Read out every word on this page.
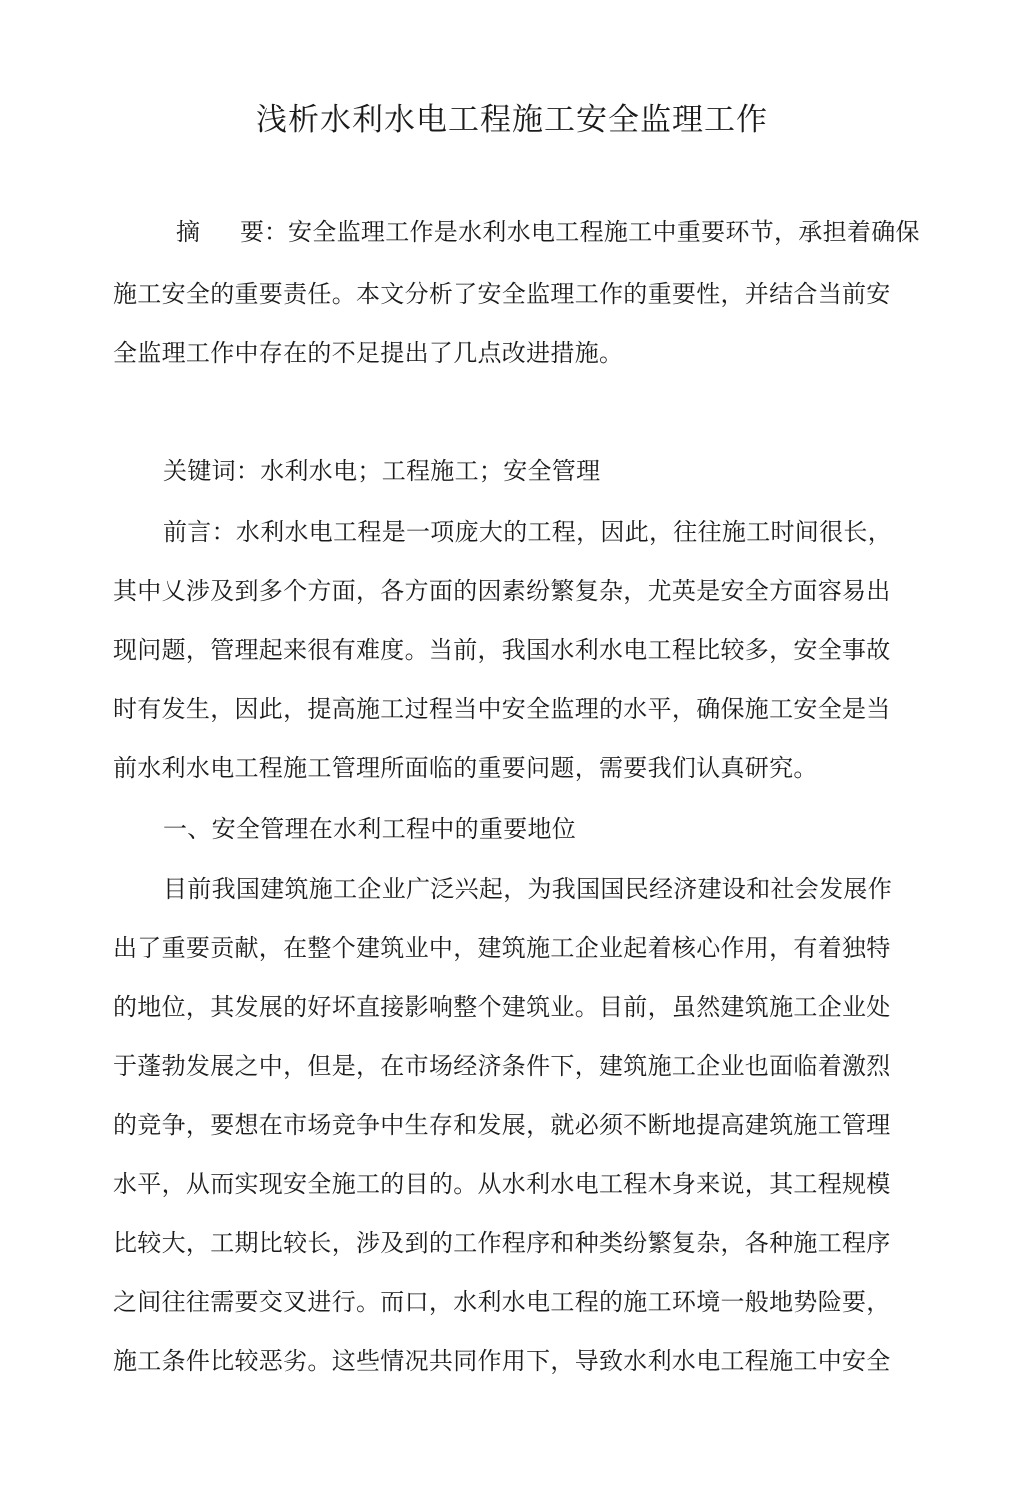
浅析水利水电工程施工安全监理工作
摘 要： 安全监理工作是水利水电工程施工中重要环节，承担着确保
施工安全的重要责任。本文分析了安全监理工作的重要性，并结合当前安
全监理工作中存在的不足提出了几点改进措施。
关键词：水利水电；工程施工；安全管理
前言：水利水电工程是一项庞大的工程，因此，往往施工时间很长，
其中乂涉及到多个方面，各方面的因素纷繁复杂，尤英是安全方面容易出
现问题，管理起来很有难度。当前，我国水利水电工程比较多，安全事故
时有发生，因此，提高施工过程当中安全监理的水平，确保施工安全是当
前水利水电工程施工管理所面临的重要问题，需要我们认真研究。
一、安全管理在水利工程中的重要地位
目前我国建筑施工企业广泛兴起，为我国国民经济建设和社会发展作
出了重要贡献，在整个建筑业中，建筑施工企业起着核心作用，有着独特
的地位，其发展的好坏直接影响整个建筑业。目前，虽然建筑施工企业处
于蓬勃发展之中，但是，在市场经济条件下，建筑施工企业也面临着激烈
的竞争，要想在市场竞争中生存和发展，就必须不断地提高建筑施工管理
水平，从而实现安全施工的目的。从水利水电工程木身来说，其工程规模
比较大，工期比较长，涉及到的工作程序和种类纷繁复杂，各种施工程序
之间往往需要交叉进行。而口，水利水电工程的施工环境一般地势险要，
施工条件比较恶劣。这些情况共同作用下，导致水利水电工程施工中安全
